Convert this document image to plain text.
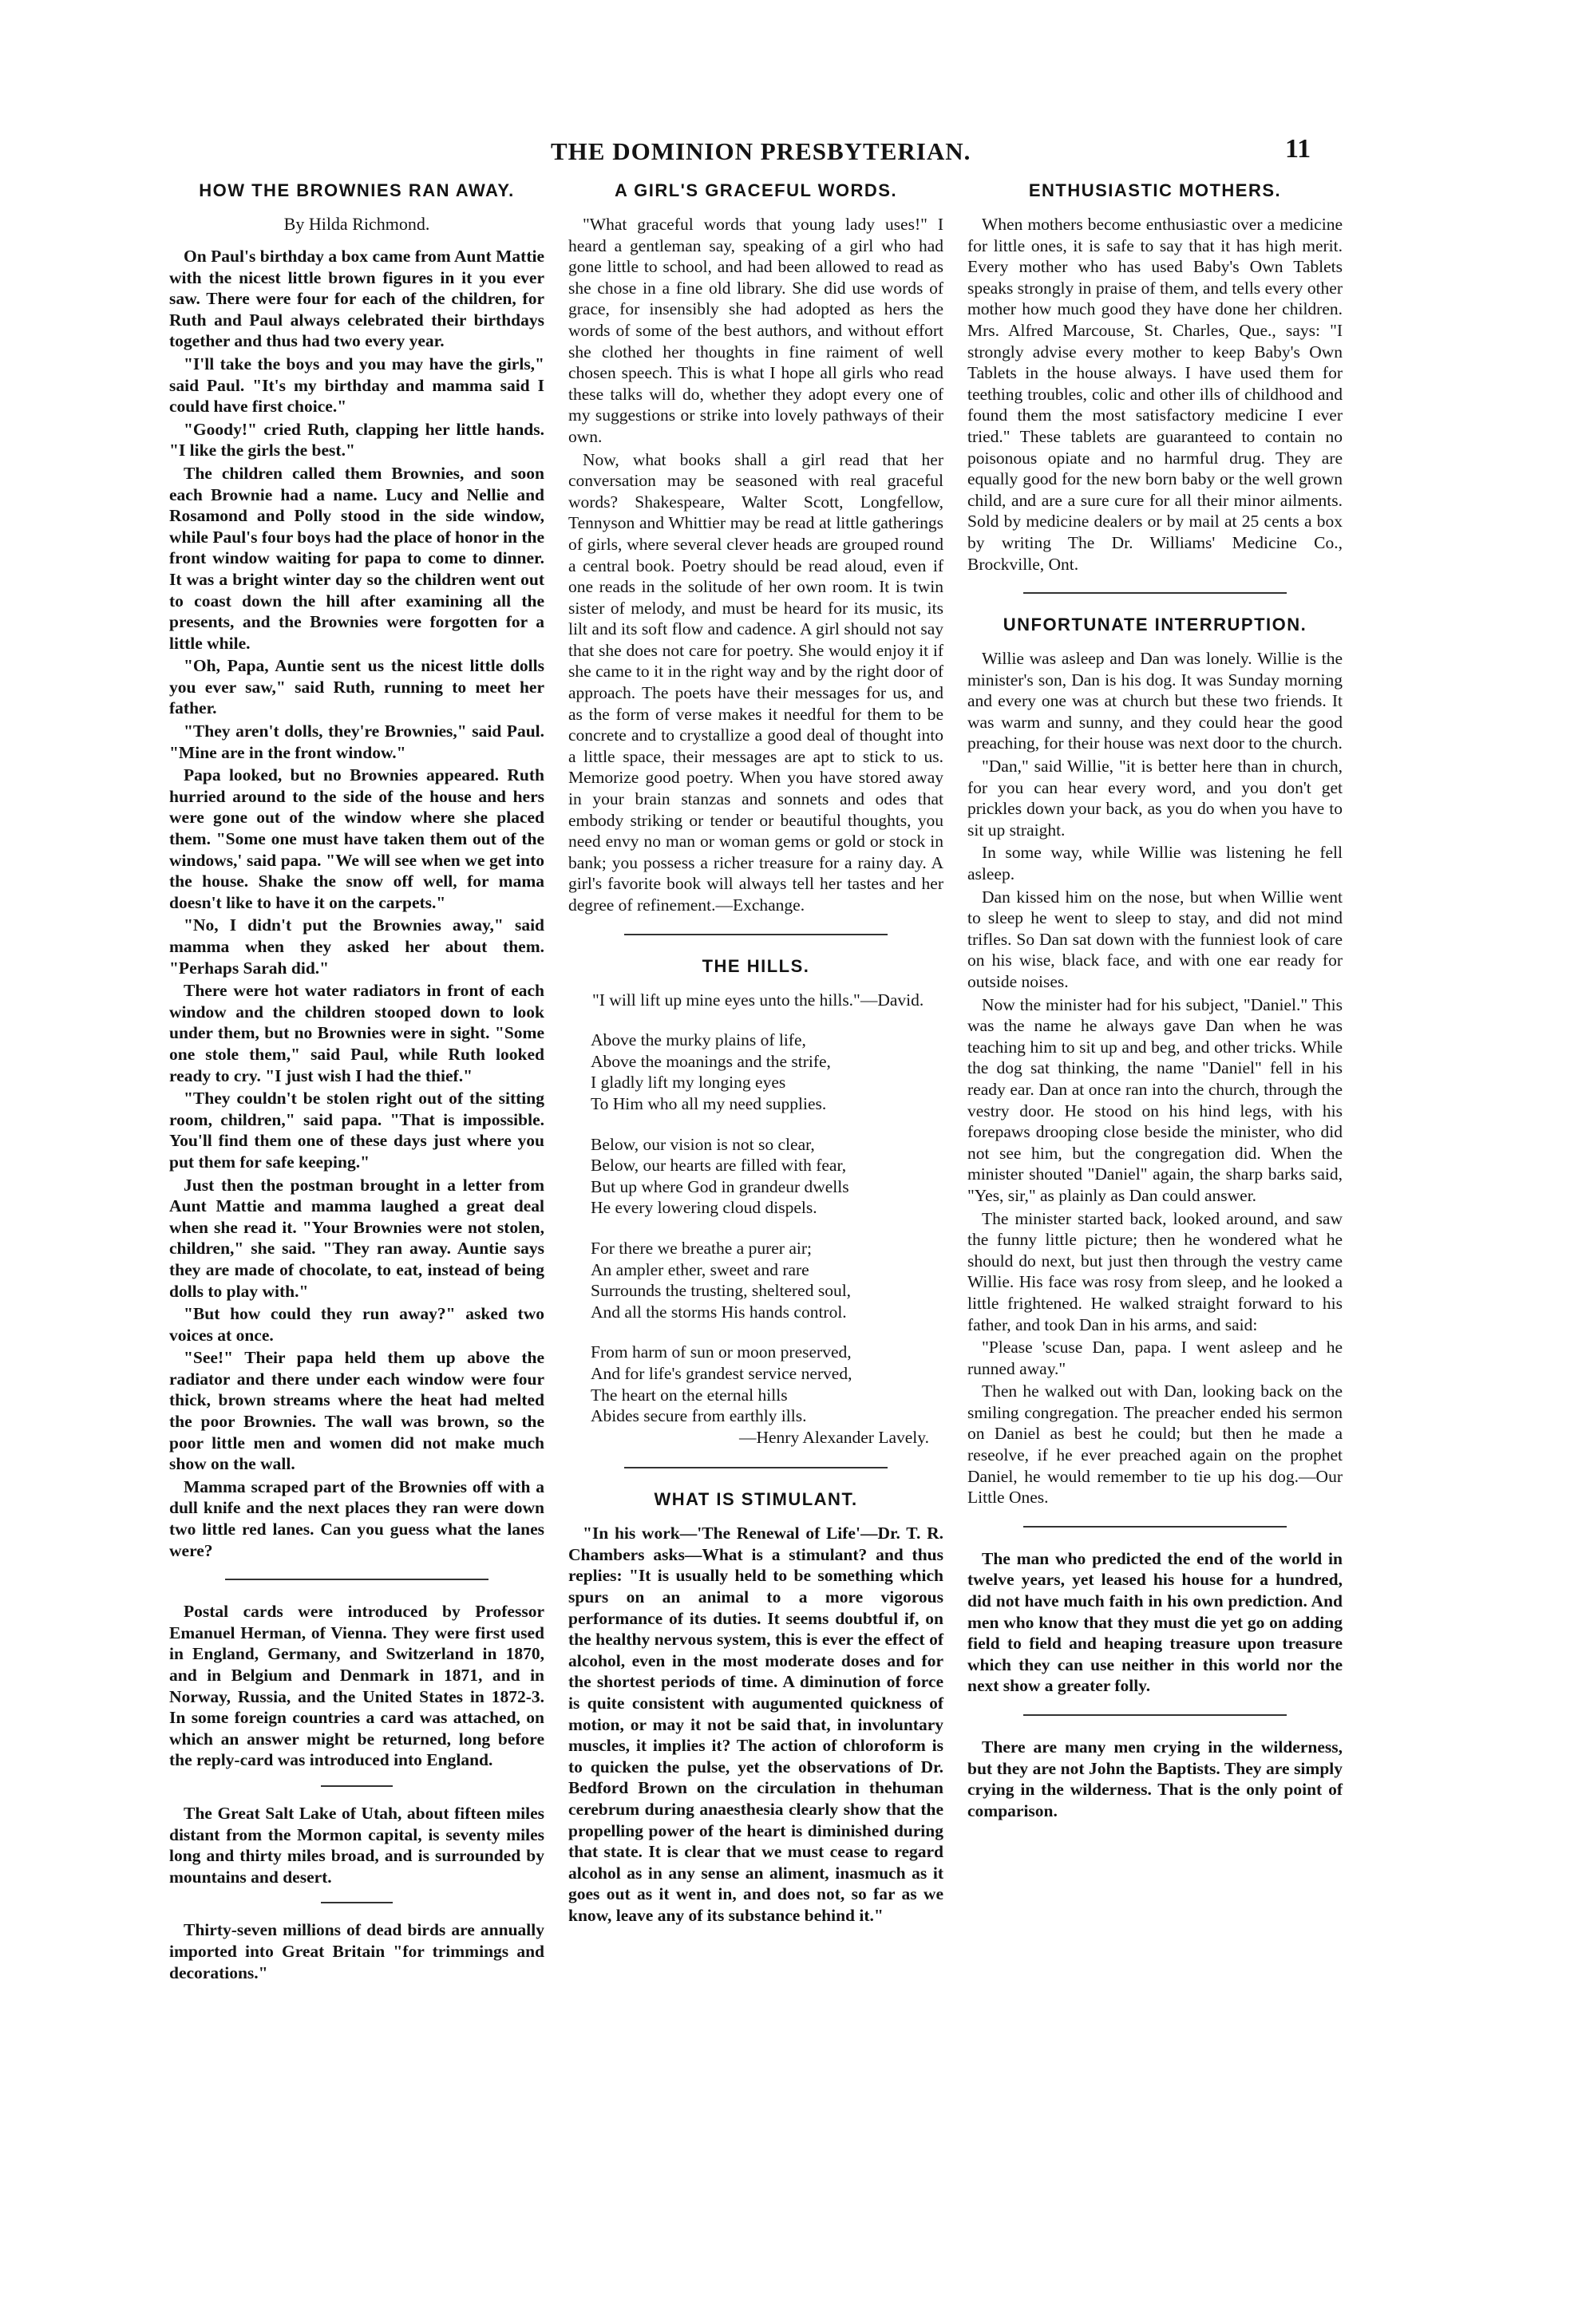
THE DOMINION PRESBYTERIAN.	11
HOW THE BROWNIES RAN AWAY.
By Hilda Richmond.

On Paul's birthday a box came from Aunt Mattie with the nicest little brown figures in it you ever saw. There were four for each of the children, for Ruth and Paul always celebrated their birthdays together and thus had two every year.

"I'll take the boys and you may have the girls," said Paul. "It's my birthday and mamma said I could have first choice."

"Goody!" cried Ruth, clapping her little hands. "I like the girls the best."

The children called them Brownies, and soon each Brownie had a name. Lucy and Nellie and Rosamond and Polly stood in the side window, while Paul's four boys had the place of honor in the front window waiting for papa to come to dinner. It was a bright winter day so the children went out to coast down the hill after examining all the presents, and the Brownies were forgotten for a little while.

"Oh, Papa, Auntie sent us the nicest little dolls you ever saw," said Ruth, running to meet her father.

"They aren't dolls, they're Brownies," said Paul. "Mine are in the front window."

Papa looked, but no Brownies appeared. Ruth hurried around to the side of the house and hers were gone out of the window where she placed them. "Some one must have taken them out of the windows,' said papa. "We will see when we get into the house. Shake the snow off well, for mama doesn't like to have it on the carpets."

"No, I didn't put the Brownies away," said mamma when they asked her about them. "Perhaps Sarah did."

There were hot water radiators in front of each window and the children stooped down to look under them, but no Brownies were in sight. "Some one stole them," said Paul, while Ruth looked ready to cry. "I just wish I had the thief."

"They couldn't be stolen right out of the sitting room, children," said papa. "That is impossible. You'll find them one of these days just where you put them for safe keeping."

Just then the postman brought in a letter from Aunt Mattie and mamma laughed a great deal when she read it. "Your Brownies were not stolen, children," she said. "They ran away. Auntie says they are made of chocolate, to eat, instead of being dolls to play with."

"But how could they run away?" asked two voices at once.

"See!" Their papa held them up above the radiator and there under each window were four thick, brown streams where the heat had melted the poor Brownies. The wall was brown, so the poor little men and women did not make much show on the wall.

Mamma scraped part of the Brownies off with a dull knife and the next places they ran were down two little red lanes. Can you guess what the lanes were?

Postal cards were introduced by Professor Emanuel Herman, of Vienna. They were first used in England, Germany, and Switzerland in 1870, and in Belgium and Denmark in 1871, and in Norway, Russia, and the United States in 1872-3. In some foreign countries a card was attached, on which an answer might be returned, long before the reply-card was introduced into England.

The Great Salt Lake of Utah, about fifteen miles distant from the Mormon capital, is seventy miles long and thirty miles broad, and is surrounded by mountains and desert.

Thirty-seven millions of dead birds are annually imported into Great Britain "for trimmings and decorations."

A GIRL'S GRACEFUL WORDS.

"What graceful words that young lady uses!" I heard a gentleman say, speaking of a girl who had gone little to school, and had been allowed to read as she chose in a fine old library. She did use words of grace, for insensibly she had adopted as hers the words of some of the best authors, and without effort she clothed her thoughts in fine raiment of well chosen speech. This is what I hope all girls who read these talks will do, whether they adopt every one of my suggestions or strike into lovely pathways of their own.

Now, what books shall a girl read that her conversation may be seasoned with real graceful words? Shakespeare, Walter Scott, Longfellow, Tennyson and Whittier may be read at little gatherings of girls, where several clever heads are grouped round a central book. Poetry should be read aloud, even if one reads in the solitude of her own room. It is twin sister of melody, and must be heard for its music, its lilt and its soft flow and cadence. A girl should not say that she does not care for poetry. She would enjoy it if she came to it in the right way and by the right door of approach. The poets have their messages for us, and as the form of verse makes it needful for them to be concrete and to crystallize a good deal of thought into a little space, their messages are apt to stick to us. Memorize good poetry. When you have stored away in your brain stanzas and sonnets and odes that embody striking or tender or beautiful thoughts, you need envy no man or woman gems or gold or stock in bank; you possess a richer treasure for a rainy day. A girl's favorite book will always tell her tastes and her degree of refinement.—Exchange.

THE HILLS.
"I will lift up mine eyes unto the hills."—David.
Above the murky plains of life,
Above the moanings and the strife,
I gladly lift my longing eyes
To Him who all my need supplies.
Below, our vision is not so clear,
Below, our hearts are filled with fear,
But up where God in grandeur dwells
He every lowering cloud dispels.
For there we breathe a purer air;
An ampler ether, sweet and rare
Surrounds the trusting, sheltered soul,
And all the storms His hands control.
From harm of sun or moon preserved,
And for life's grandest service nerved,
The heart on the eternal hills
Abides secure from earthly ills.
—Henry Alexander Lavely.
WHAT IS STIMULANT.

"In his work—'The Renewal of Life'—Dr. T. R. Chambers asks—What is a stimulant? and thus replies: "It is usually held to be something which spurs on an animal to a more vigorous performance of its duties. It seems doubtful if, on the healthy nervous system, this is ever the effect of alcohol, even in the most moderate doses and for the shortest periods of time. A diminution of force is quite consistent with augumented quickness of motion, or may it not be said that, in involuntary muscles, it implies it? The action of chloroform is to quicken the pulse, yet the observations of Dr. Bedford Brown on the circulation in thehuman cerebrum during anaesthesia clearly show that the propelling power of the heart is diminished during that state. It is clear that we must cease to regard alcohol as in any sense an aliment, inasmuch as it goes out as it went in, and does not, so far as we know, leave any of its substance behind it."

ENTHUSIASTIC MOTHERS.

When mothers become enthusiastic over a medicine for little ones, it is safe to say that it has high merit. Every mother who has used Baby's Own Tablets speaks strongly in praise of them, and tells every other mother how much good they have done her children. Mrs. Alfred Marcouse, St. Charles, Que., says: "I strongly advise every mother to keep Baby's Own Tablets in the house always. I have used them for teething troubles, colic and other ills of childhood and found them the most satisfactory medicine I ever tried." These tablets are guaranteed to contain no poisonous opiate and no harmful drug. They are equally good for the new born baby or the well grown child, and are a sure cure for all their minor ailments. Sold by medicine dealers or by mail at 25 cents a box by writing The Dr. Williams' Medicine Co., Brockville, Ont.

UNFORTUNATE INTERRUPTION.

Willie was asleep and Dan was lonely. Willie is the minister's son, Dan is his dog. It was Sunday morning and every one was at church but these two friends. It was warm and sunny, and they could hear the good preaching, for their house was next door to the church.

"Dan," said Willie, "it is better here than in church, for you can hear every word, and you don't get prickles down your back, as you do when you have to sit up straight.

In some way, while Willie was listening he fell asleep.

Dan kissed him on the nose, but when Willie went to sleep he went to sleep to stay, and did not mind trifles. So Dan sat down with the funniest look of care on his wise, black face, and with one ear ready for outside noises.

Now the minister had for his subject, "Daniel." This was the name he always gave Dan when he was teaching him to sit up and beg, and other tricks. While the dog sat thinking, the name "Daniel" fell in his ready ear. Dan at once ran into the church, through the vestry door. He stood on his hind legs, with his forepaws drooping close beside the minister, who did not see him, but the congregation did. When the minister shouted "Daniel" again, the sharp barks said, "Yes, sir," as plainly as Dan could answer.

The minister started back, looked around, and saw the funny little picture; then he wondered what he should do next, but just then through the vestry came Willie. His face was rosy from sleep, and he looked a little frightened. He walked straight forward to his father, and took Dan in his arms, and said:

"Please 'scuse Dan, papa. I went asleep and he runned away."

Then he walked out with Dan, looking back on the smiling congregation. The preacher ended his sermon on Daniel as best he could; but then he made a reseolve, if he ever preached again on the prophet Daniel, he would remember to tie up his dog.—Our Little Ones.

The man who predicted the end of the world in twelve years, yet leased his house for a hundred, did not have much faith in his own prediction. And men who know that they must die yet go on adding field to field and heaping treasure upon treasure which they can use neither in this world nor the next show a greater folly.

There are many men crying in the wilderness, but they are not John the Baptists. They are simply crying in the wilderness. That is the only point of comparison.
